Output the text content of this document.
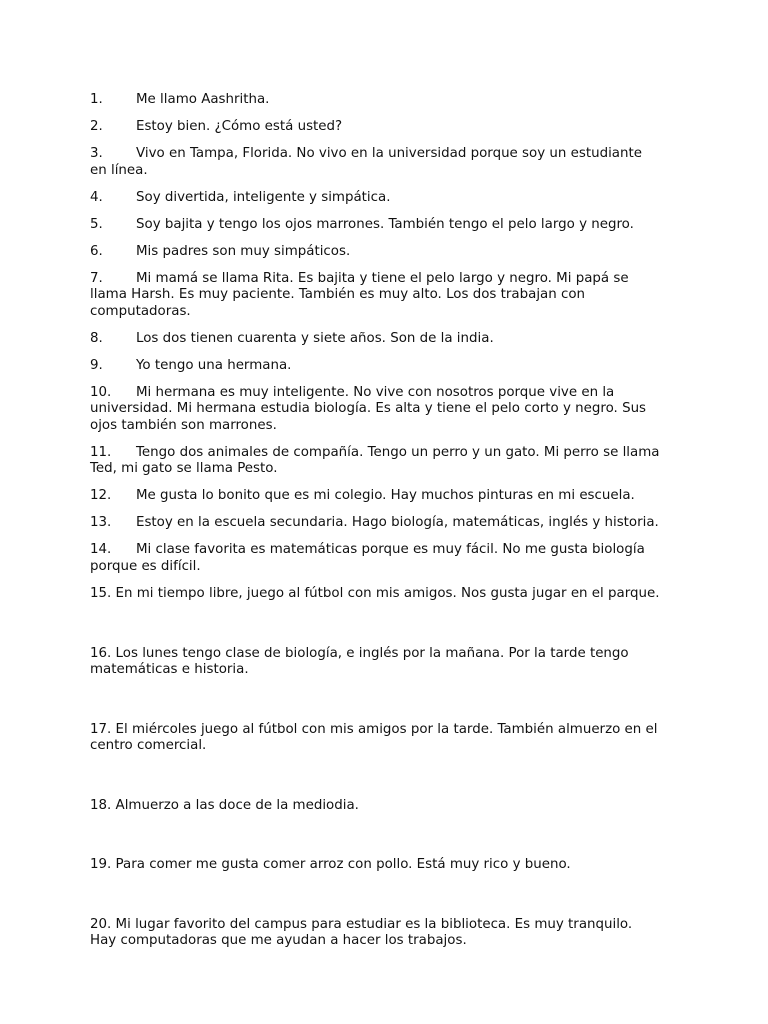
1. Me llamo Aashritha.
2. Estoy bien. ¿Cómo está usted?
3. Vivo en Tampa, Florida. No vivo en la universidad porque soy un estudiante
en línea.
4. Soy divertida, inteligente y simpática.
5. Soy bajita y tengo los ojos marrones. También tengo el pelo largo y negro.
6. Mis padres son muy simpáticos.
7. Mi mamá se llama Rita. Es bajita y tiene el pelo largo y negro. Mi papá se
llama Harsh. Es muy paciente. También es muy alto. Los dos trabajan con
computadoras.
8. Los dos tienen cuarenta y siete años. Son de la india.
9. Yo tengo una hermana.
10. Mi hermana es muy inteligente. No vive con nosotros porque vive en la
universidad. Mi hermana estudia biología. Es alta y tiene el pelo corto y negro. Sus
ojos también son marrones.
11. Tengo dos animales de compañía. Tengo un perro y un gato. Mi perro se llama
Ted, mi gato se llama Pesto.
12. Me gusta lo bonito que es mi colegio. Hay muchos pinturas en mi escuela.
13. Estoy en la escuela secundaria. Hago biología, matemáticas, inglés y historia.
14. Mi clase favorita es matemáticas porque es muy fácil. No me gusta biología
porque es difícil.
15. En mi tiempo libre, juego al fútbol con mis amigos. Nos gusta jugar en el parque.
16. Los lunes tengo clase de biología, e inglés por la mañana. Por la tarde tengo
matemáticas e historia.
17. El miércoles juego al fútbol con mis amigos por la tarde. También almuerzo en el
centro comercial.
18. Almuerzo a las doce de la mediodia.
19. Para comer me gusta comer arroz con pollo. Está muy rico y bueno.
20. Mi lugar favorito del campus para estudiar es la biblioteca. Es muy tranquilo.
Hay computadoras que me ayudan a hacer los trabajos.
